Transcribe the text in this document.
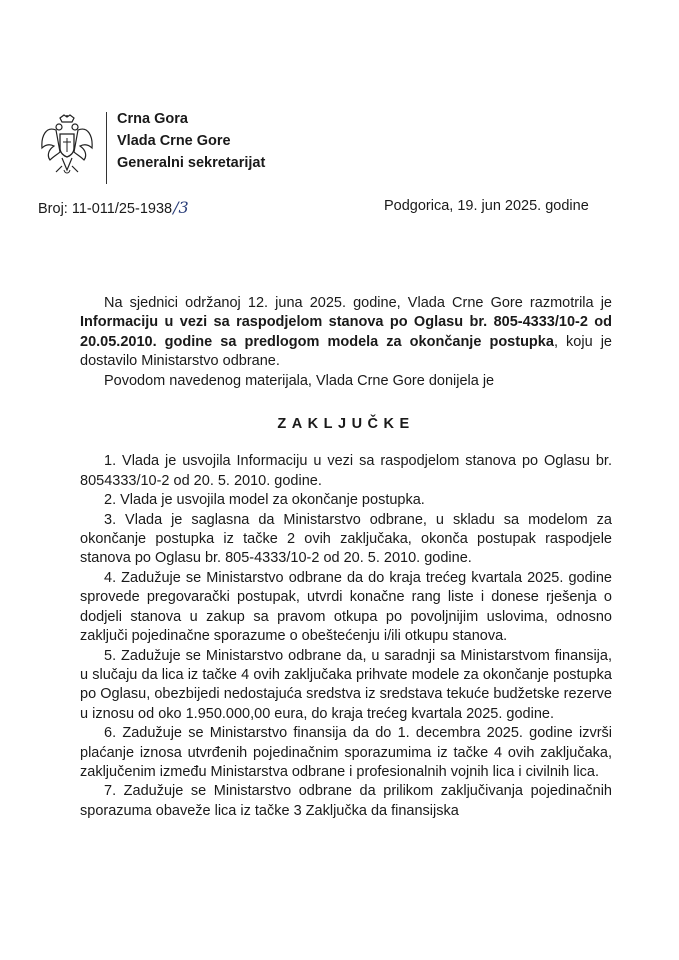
Crna Gora
Vlada Crne Gore
Generalni sekretarijat
Broj: 11-011/25-1938/3	Podgorica, 19. jun 2025. godine

Na sjednici održanoj 12. juna 2025. godine, Vlada Crne Gore razmotrila je Informaciju u vezi sa raspodjelom stanova po Oglasu br. 805-4333/10-2 od 20.05.2010. godine sa predlogom modela za okončanje postupka, koju je dostavilo Ministarstvo odbrane.

Povodom navedenog materijala, Vlada Crne Gore donijela je

ZAKLJUČKE

1. Vlada je usvojila Informaciju u vezi sa raspodjelom stanova po Oglasu br. 8054333/10-2 od 20. 5. 2010. godine.

2. Vlada je usvojila model za okončanje postupka.

3. Vlada je saglasna da Ministarstvo odbrane, u skladu sa modelom za okončanje postupka iz tačke 2 ovih zaključaka, okonča postupak raspodjele stanova po Oglasu br. 805-4333/10-2 od 20. 5. 2010. godine.

4. Zadužuje se Ministarstvo odbrane da do kraja trećeg kvartala 2025. godine sprovede pregovarački postupak, utvrdi konačne rang liste i donese rješenja o dodjeli stanova u zakup sa pravom otkupa po povoljnijim uslovima, odnosno zaključi pojedinačne sporazume o obeštećenju i/ili otkupu stanova.

5. Zadužuje se Ministarstvo odbrane da, u saradnji sa Ministarstvom finansija, u slučaju da lica iz tačke 4 ovih zaključaka prihvate modele za okončanje postupka po Oglasu, obezbijedi nedostajuća sredstva iz sredstava tekuće budžetske rezerve u iznosu od oko 1.950.000,00 eura, do kraja trećeg kvartala 2025. godine.

6. Zadužuje se Ministarstvo finansija da do 1. decembra 2025. godine izvrši plaćanje iznosa utvrđenih pojedinačnim sporazumima iz tačke 4 ovih zaključaka, zaključenim između Ministarstva odbrane i profesionalnih vojnih lica i civilnih lica.

7. Zadužuje se Ministarstvo odbrane da prilikom zaključivanja pojedinačnih sporazuma obaveže lica iz tačke 3 Zaključka da finansijska
